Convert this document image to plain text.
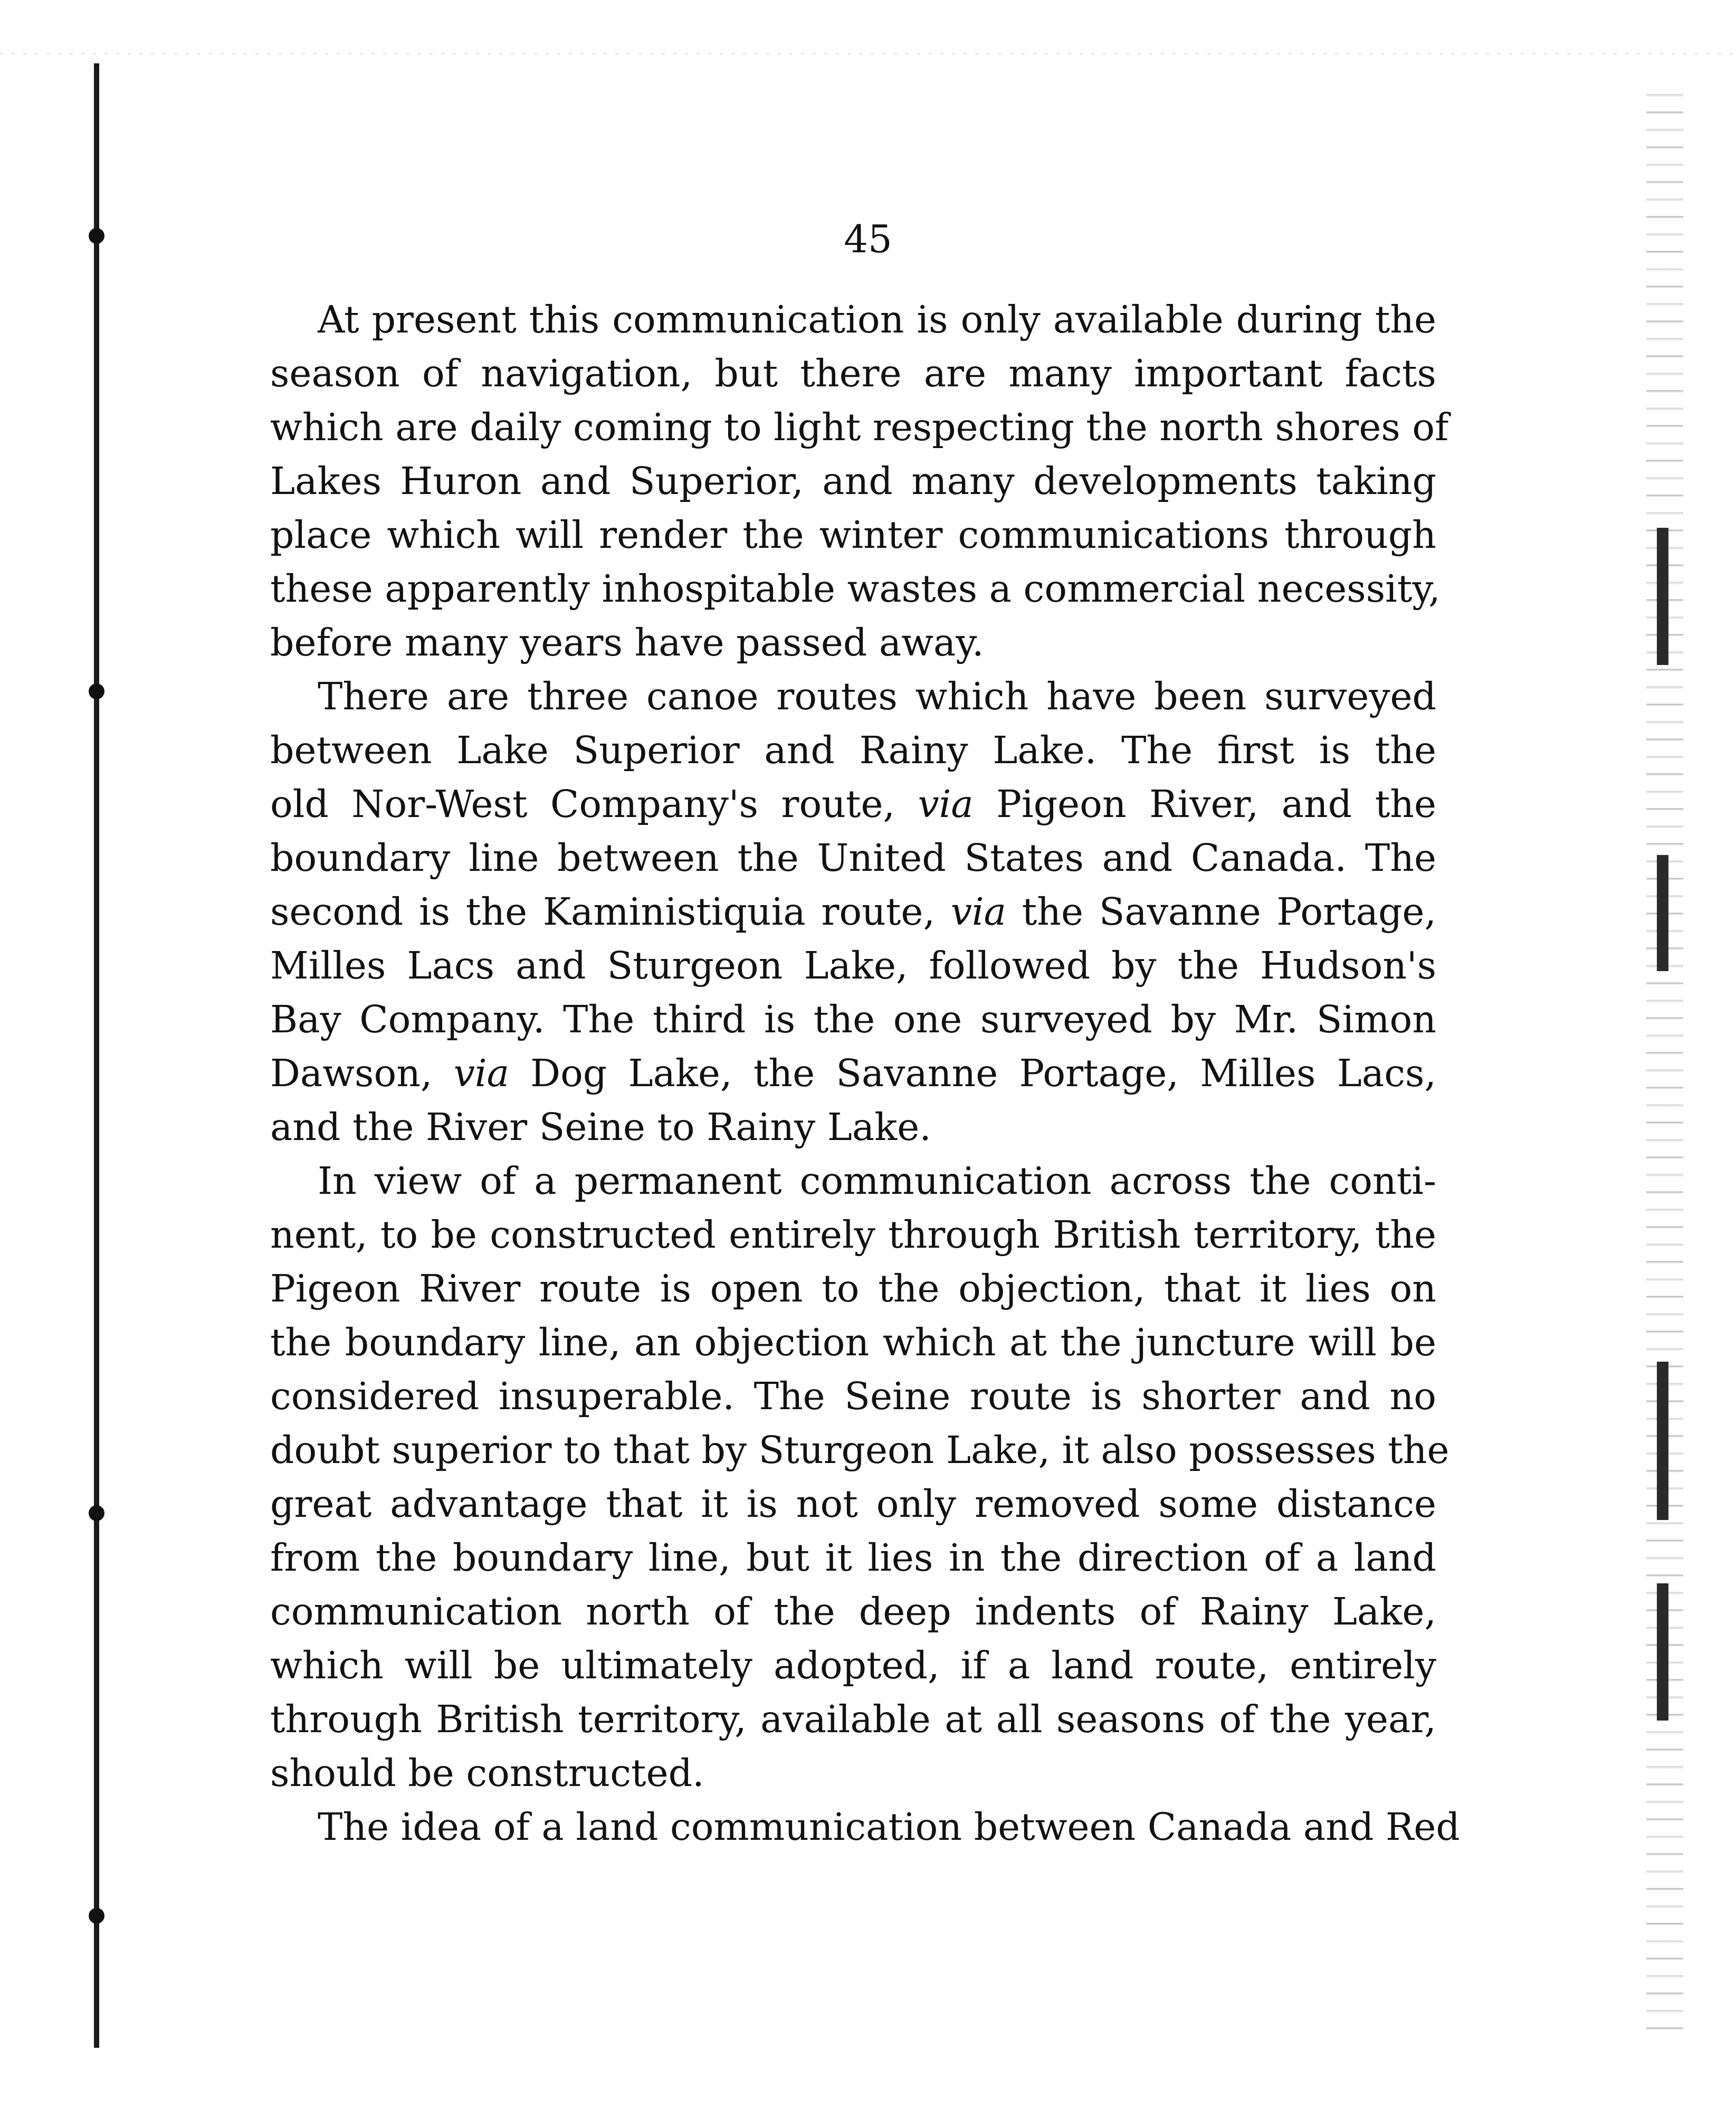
45

At present this communication is only available during the
season of navigation, but there are many important facts
which are daily coming to light respecting the north shores of
Lakes Huron and Superior, and many developments taking
place which will render the winter communications through
these apparently inhospitable wastes a commercial necessity,
before many years have passed away.

There are three canoe routes which have been surveyed
between Lake Superior and Rainy Lake. The first is the
old Nor-West Company's route, via Pigeon River, and the
boundary line between the United States and Canada. The
second is the Kaministiquia route, via the Savanne Portage,
Milles Lacs and Sturgeon Lake, followed by the Hudson's
Bay Company. The third is the one surveyed by Mr. Simon
Dawson, via Dog Lake, the Savanne Portage, Milles Lacs,
and the River Seine to Rainy Lake.

In view of a permanent communication across the conti-
nent, to be constructed entirely through British territory, the
Pigeon River route is open to the objection, that it lies on
the boundary line, an objection which at the juncture will be
considered insuperable. The Seine route is shorter and no
doubt superior to that by Sturgeon Lake, it also possesses the
great advantage that it is not only removed some distance
from the boundary line, but it lies in the direction of a land
communication north of the deep indents of Rainy Lake,
which will be ultimately adopted, if a land route, entirely
through British territory, available at all seasons of the year,
should be constructed.

The idea of a land communication between Canada and Red
